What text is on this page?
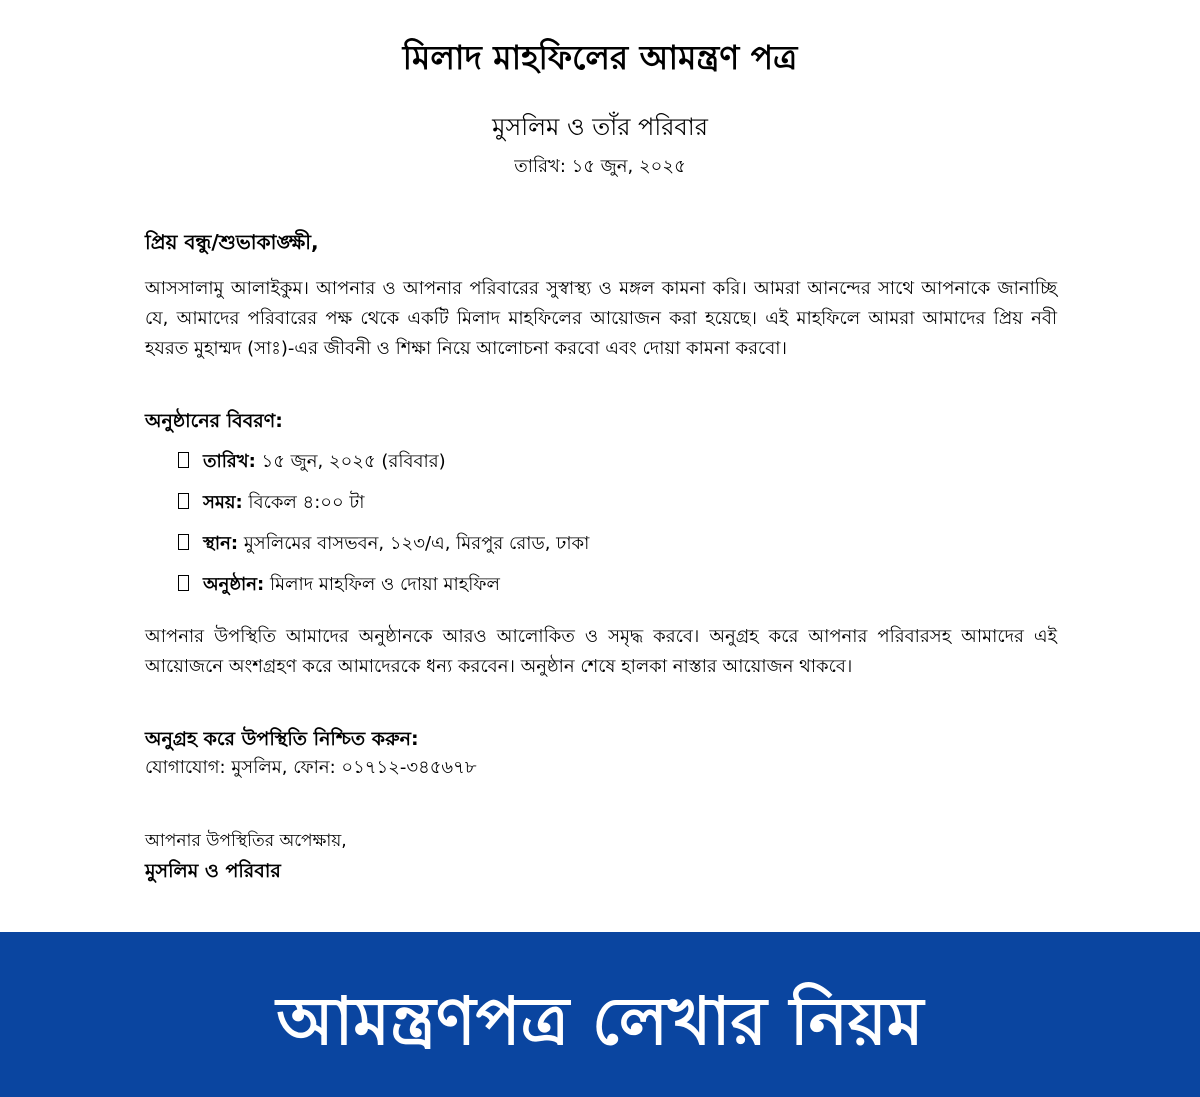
মিলাদ মাহফিলের আমন্ত্রণ পত্র
মুসলিম ও তাঁর পরিবার
তারিখ: ১৫ জুন, ২০২৫
প্রিয় বন্ধু/শুভাকাঙ্ক্ষী,

আসসালামু আলাইকুম। আপনার ও আপনার পরিবারের সুস্বাস্থ্য ও মঙ্গল কামনা করি। আমরা আনন্দের সাথে আপনাকে জানাচ্ছি যে, আমাদের পরিবারের পক্ষ থেকে একটি মিলাদ মাহফিলের আয়োজন করা হয়েছে। এই মাহফিলে আমরা আমাদের প্রিয় নবী হযরত মুহাম্মদ (সাঃ)-এর জীবনী ও শিক্ষা নিয়ে আলোচনা করবো এবং দোয়া কামনা করবো।

অনুষ্ঠানের বিবরণ:
তারিখ: ১৫ জুন, ২০২৫ (রবিবার)
সময়: বিকেল ৪:০০ টা
স্থান: মুসলিমের বাসভবন, ১২৩/এ, মিরপুর রোড, ঢাকা
অনুষ্ঠান: মিলাদ মাহফিল ও দোয়া মাহফিল

আপনার উপস্থিতি আমাদের অনুষ্ঠানকে আরও আলোকিত ও সমৃদ্ধ করবে। অনুগ্রহ করে আপনার পরিবারসহ আমাদের এই আয়োজনে অংশগ্রহণ করে আমাদেরকে ধন্য করবেন। অনুষ্ঠান শেষে হালকা নাস্তার আয়োজন থাকবে।

অনুগ্রহ করে উপস্থিতি নিশ্চিত করুন:
যোগাযোগ: মুসলিম, ফোন: ০১৭১২-৩৪৫৬৭৮
আপনার উপস্থিতির অপেক্ষায়,
মুসলিম ও পরিবার
আমন্ত্রণপত্র লেখার নিয়ম
